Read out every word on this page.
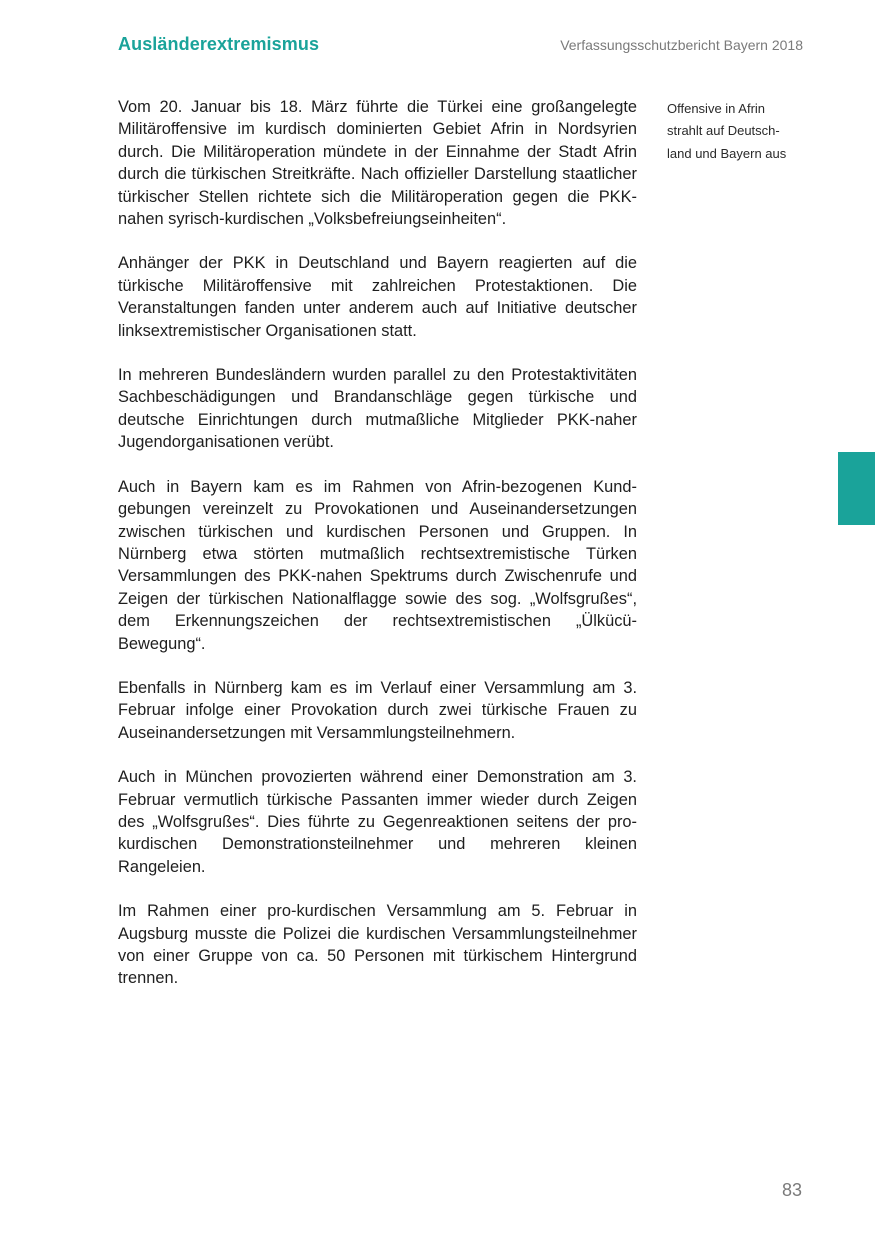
Ausländerextremismus	Verfassungsschutzbericht Bayern 2018

Vom 20. Januar bis 18. März führte die Türkei eine großangelegte Militäroffensive im kurdisch dominierten Gebiet Afrin in Nordsyrien durch. Die Militäroperation mündete in der Einnahme der Stadt Afrin durch die türkischen Streitkräfte. Nach offizieller Darstellung staatlicher türkischer Stellen richtete sich die Militäroperation gegen die PKK-nahen syrisch-kurdischen „Volksbefreiungseinheiten“.

Anhänger der PKK in Deutschland und Bayern reagierten auf die türkische Militäroffensive mit zahlreichen Protestaktionen. Die Veranstaltungen fanden unter anderem auch auf Initiative deutscher linksextremistischer Organisationen statt.

In mehreren Bundesländern wurden parallel zu den Protestaktivitäten Sachbeschädigungen und Brandanschläge gegen türkische und deutsche Einrichtungen durch mutmaßliche Mitglieder PKK-naher Jugendorganisationen verübt.

Auch in Bayern kam es im Rahmen von Afrin-bezogenen Kundgebungen vereinzelt zu Provokationen und Auseinandersetzungen zwischen türkischen und kurdischen Personen und Gruppen. In Nürnberg etwa störten mutmaßlich rechtsextremistische Türken Versammlungen des PKK-nahen Spektrums durch Zwischenrufe und Zeigen der türkischen Nationalflagge sowie des sog. „Wolfsgrußes“, dem Erkennungszeichen der rechtsextremistischen „Ülkücü-Bewegung“.

Ebenfalls in Nürnberg kam es im Verlauf einer Versammlung am 3. Februar infolge einer Provokation durch zwei türkische Frauen zu Auseinandersetzungen mit Versammlungsteilnehmern.

Auch in München provozierten während einer Demonstration am 3. Februar vermutlich türkische Passanten immer wieder durch Zeigen des „Wolfsgrußes“. Dies führte zu Gegenreaktionen seitens der pro-kurdischen Demonstrationsteilnehmer und mehreren kleinen Rangeleien.

Im Rahmen einer pro-kurdischen Versammlung am 5. Februar in Augsburg musste die Polizei die kurdischen Versammlungsteilnehmer von einer Gruppe von ca. 50 Personen mit türkischem Hintergrund trennen.

Offensive in Afrin
strahlt auf Deutsch-
land und Bayern aus
83
